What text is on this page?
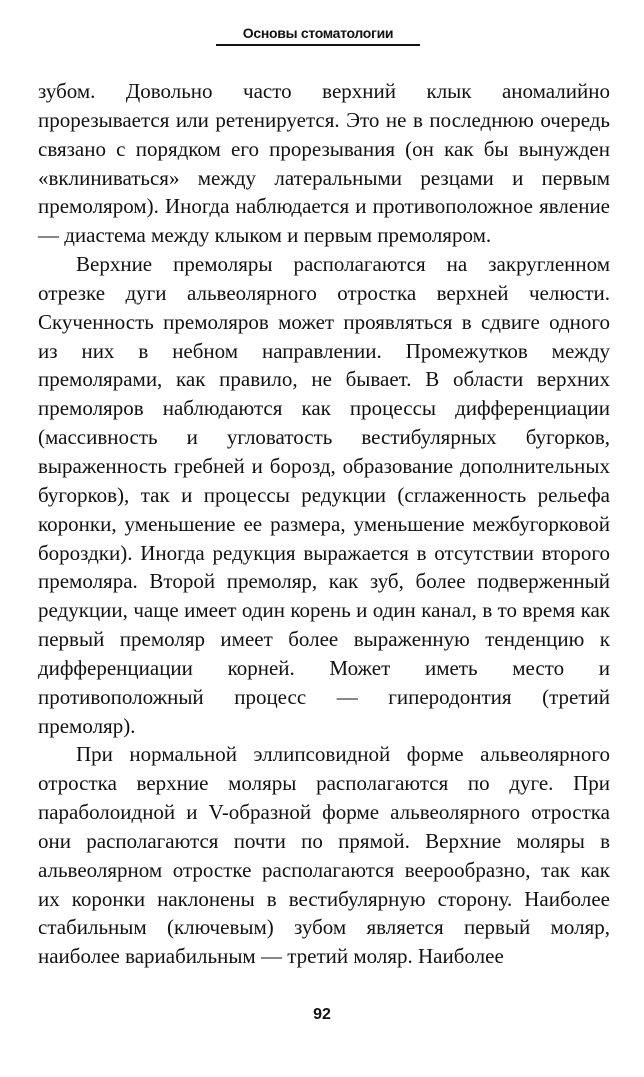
Основы стоматологии

зубом. Довольно часто верхний клык аномалийно прорезывается или ретенируется. Это не в последнюю очередь связано с порядком его прорезывания (он как бы вынужден «вклиниваться» между латеральными резцами и первым премоляром). Иногда наблюдается и противоположное явление — диастема между клыком и первым премоляром.

Верхние премоляры располагаются на закругленном отрезке дуги альвеолярного отростка верхней челюсти. Скученность премоляров может проявляться в сдвиге одного из них в небном направлении. Промежутков между премолярами, как правило, не бывает. В области верхних премоляров наблюдаются как процессы дифференциации (массивность и угловатость вестибулярных бугорков, выраженность гребней и борозд, образование дополнительных бугорков), так и процессы редукции (сглаженность рельефа коронки, уменьшение ее размера, уменьшение межбугорковой бороздки). Иногда редукция выражается в отсутствии второго премоляра. Второй премоляр, как зуб, более подверженный редукции, чаще имеет один корень и один канал, в то время как первый премоляр имеет более выраженную тенденцию к дифференциации корней. Может иметь место и противоположный процесс — гиперодонтия (третий премоляр).

При нормальной эллипсовидной форме альвеолярного отростка верхние моляры располагаются по дуге. При параболоидной и V-образной форме альвеолярного отростка они располагаются почти по прямой. Верхние моляры в альвеолярном отростке располагаются веерообразно, так как их коронки наклонены в вестибулярную сторону. Наиболее стабильным (ключевым) зубом является первый моляр, наиболее вариабильным — третий моляр. Наиболее

92
